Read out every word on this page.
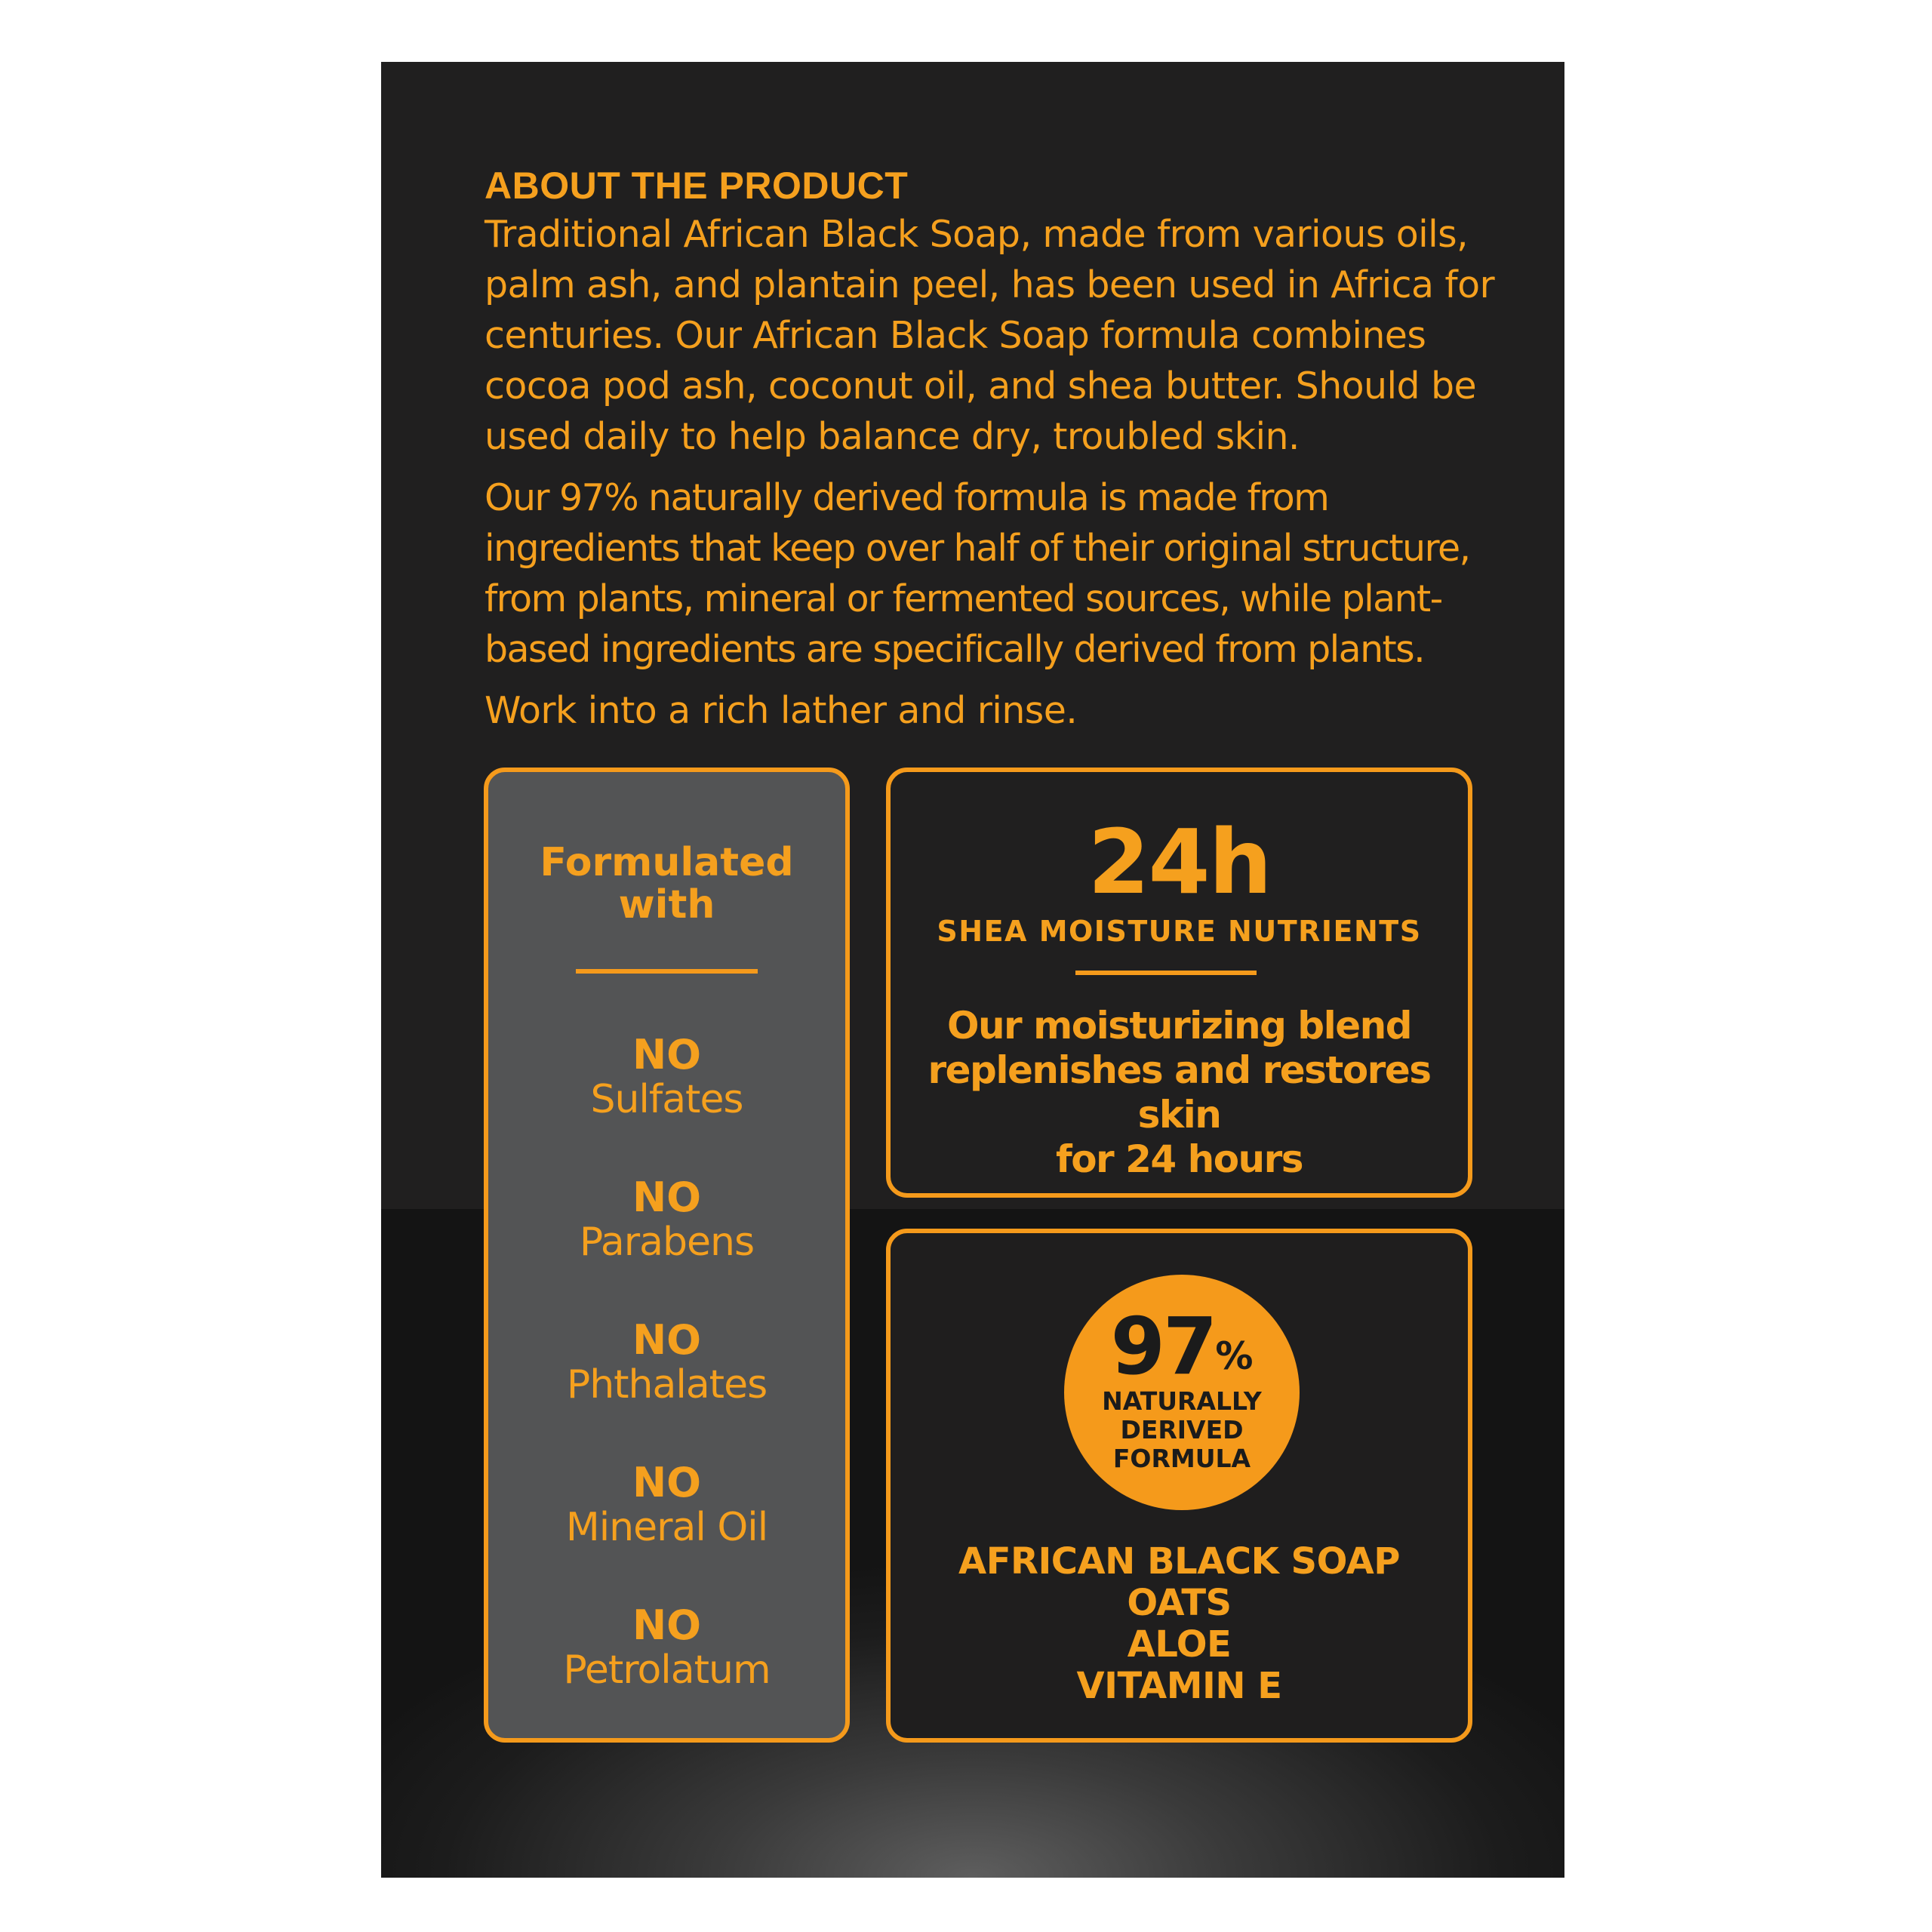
ABOUT THE PRODUCT

Traditional African Black Soap, made from various oils, palm ash, and plantain peel, has been used in Africa for centuries. Our African Black Soap formula combines cocoa pod ash, coconut oil, and shea butter. Should be used daily to help balance dry, troubled skin.

Our 97% naturally derived formula is made from ingredients that keep over half of their original structure, from plants, mineral or fermented sources, while plant-based ingredients are specifically derived from plants.

Work into a rich lather and rinse.

Formulated
with
NO
Sulfates
NO
Parabens
NO
Phthalates
NO
Mineral Oil
NO
Petrolatum
24h
SHEA MOISTURE NUTRIENTS
Our moisturizing blend
replenishes and restores skin
for 24 hours
97%
NATURALLY
DERIVED
FORMULA
AFRICAN BLACK SOAP
OATS
ALOE
VITAMIN E
